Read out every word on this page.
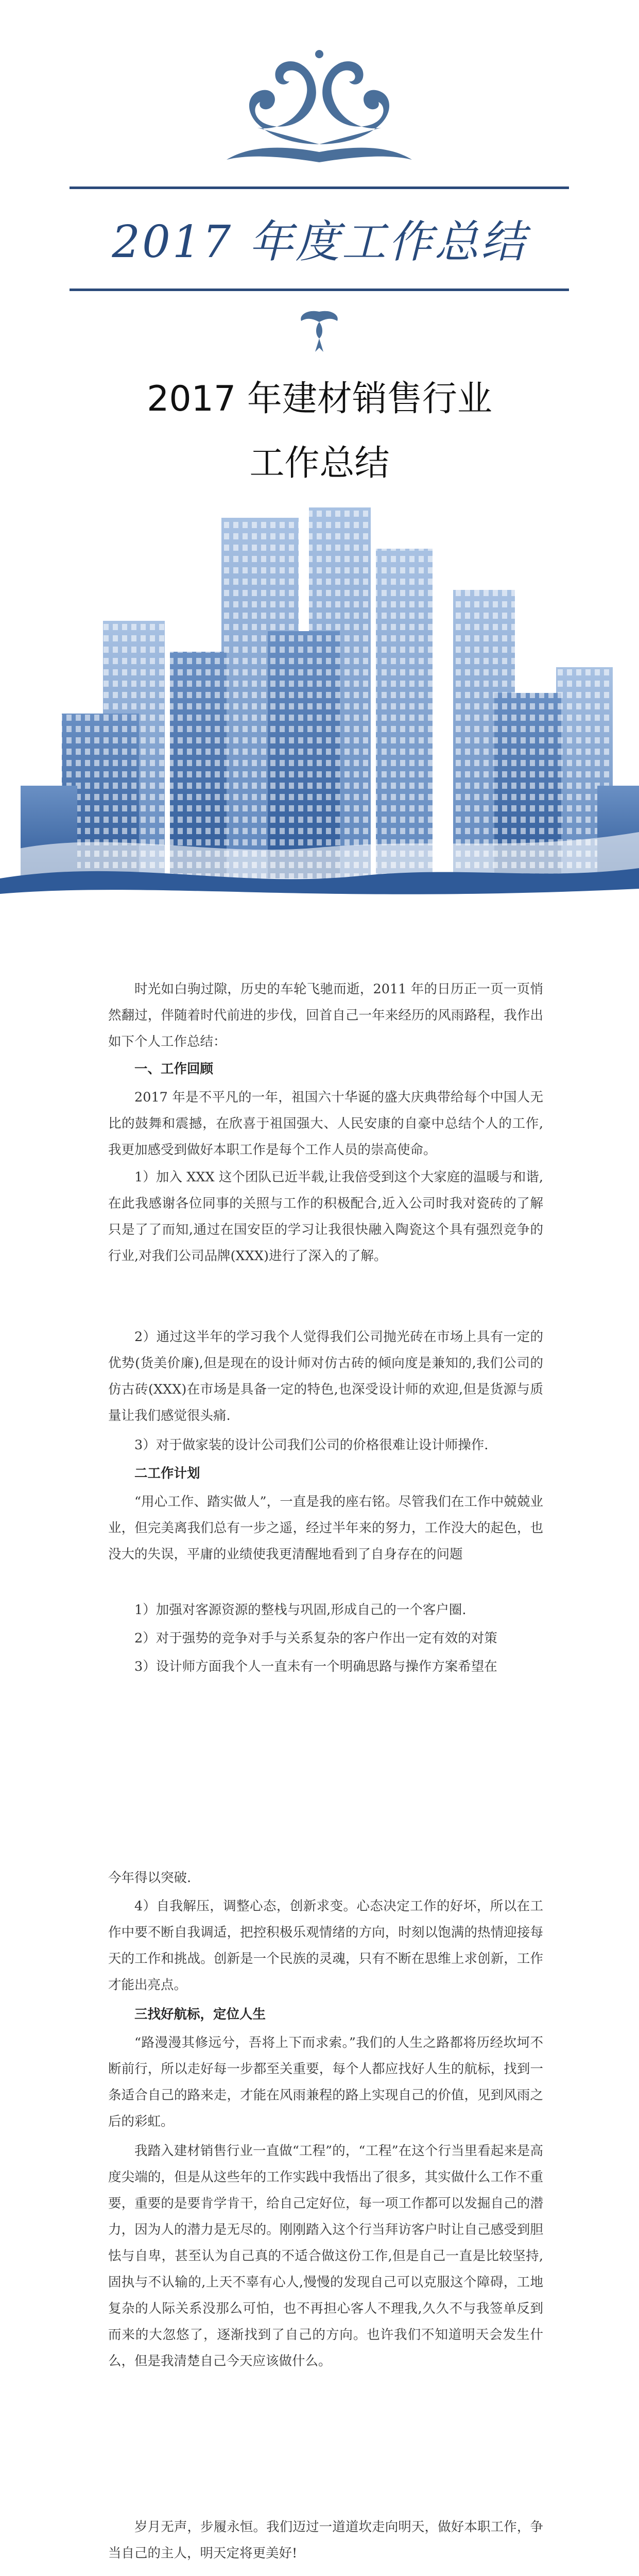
2017 年度工作总结
2017 年建材销售行业
工作总结

时光如白驹过隙，历史的车轮飞驰而逝，2011 年的日历正一页一页悄然翻过，伴随着时代前进的步伐，回首自己一年来经历的风雨路程，我作出如下个人工作总结：

一、工作回顾

2017 年是不平凡的一年，祖国六十华诞的盛大庆典带给每个中国人无比的鼓舞和震撼，在欣喜于祖国强大、人民安康的自豪中总结个人的工作,我更加感受到做好本职工作是每个工作人员的崇高使命。

1）加入 XXX 这个团队已近半载,让我倍受到这个大家庭的温暖与和谐,在此我感谢各位同事的关照与工作的积极配合,近入公司时我对瓷砖的了解只是了了而知,通过在国安臣的学习让我很快融入陶瓷这个具有强烈竞争的行业,对我们公司品牌(XXX)进行了深入的了解。

2）通过这半年的学习我个人觉得我们公司抛光砖在市场上具有一定的优势(货美价廉),但是现在的设计师对仿古砖的倾向度是兼知的,我们公司的仿古砖(XXX)在市场是具备一定的特色,也深受设计师的欢迎,但是货源与质量让我们感觉很头痛.

3）对于做家装的设计公司我们公司的价格很难让设计师操作.

二工作计划

“用心工作、踏实做人”，一直是我的座右铭。尽管我们在工作中兢兢业业，但完美离我们总有一步之遥，经过半年来的努力，工作没大的起色，也没大的失误，平庸的业绩使我更清醒地看到了自身存在的问题

1）加强对客源资源的整栈与巩固,形成自己的一个客户圈.

2）对于强势的竞争对手与关系复杂的客户作出一定有效的对策

3）设计师方面我个人一直未有一个明确思路与操作方案希望在

今年得以突破.

4）自我解压，调整心态，创新求变。心态决定工作的好坏，所以在工作中要不断自我调适，把控积极乐观情绪的方向，时刻以饱满的热情迎接每天的工作和挑战。创新是一个民族的灵魂，只有不断在思维上求创新，工作才能出亮点。

三找好航标，定位人生

“路漫漫其修远兮，吾将上下而求索。”我们的人生之路都将历经坎坷不断前行，所以走好每一步都至关重要，每个人都应找好人生的航标，找到一条适合自己的路来走，才能在风雨兼程的路上实现自己的价值，见到风雨之后的彩虹。

我踏入建材销售行业一直做“工程”的，“工程”在这个行当里看起来是高度尖端的，但是从这些年的工作实践中我悟出了很多，其实做什么工作不重要，重要的是要肯学肯干，给自己定好位，每一项工作都可以发掘自己的潜力，因为人的潜力是无尽的。刚刚踏入这个行当拜访客户时让自己感受到胆怯与自卑，甚至认为自己真的不适合做这份工作,但是自己一直是比较坚持,固执与不认输的,上天不辜有心人,慢慢的发现自己可以克服这个障碍，工地复杂的人际关系没那么可怕，也不再担心客人不理我,久久不与我签单反到而来的大忽悠了，逐渐找到了自己的方向。也许我们不知道明天会发生什么，但是我清楚自己今天应该做什么。

岁月无声，步履永恒。我们迈过一道道坎走向明天，做好本职工作，争当自己的主人，明天定将更美好!
